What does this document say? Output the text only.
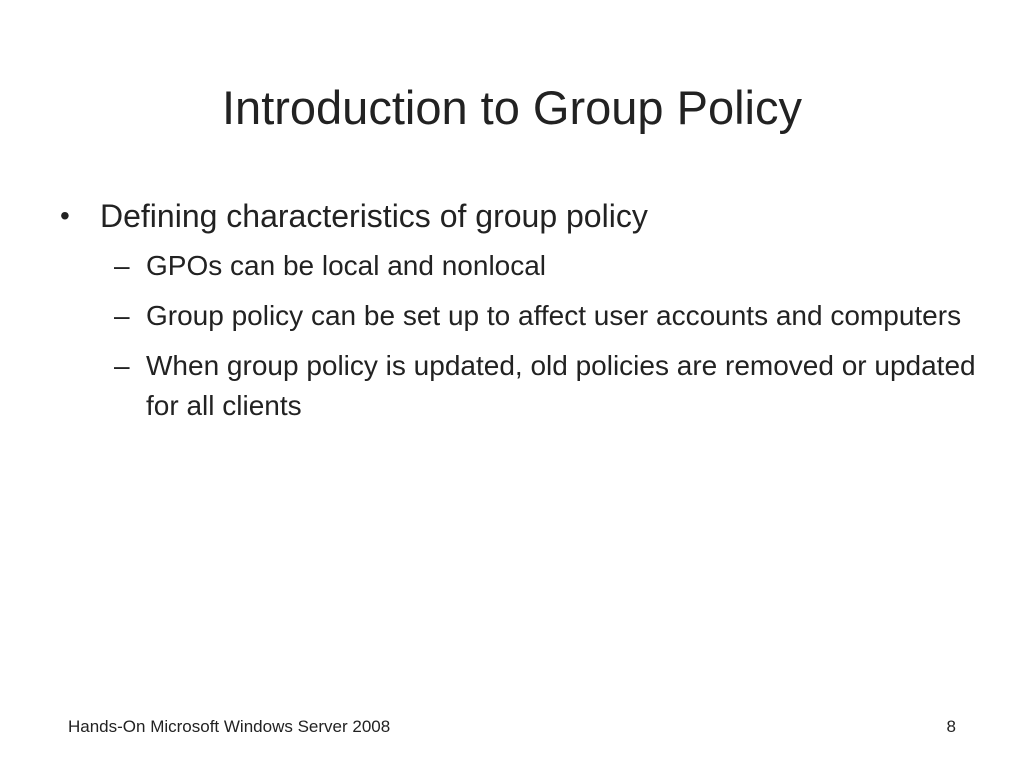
Introduction to Group Policy
• Defining characteristics of group policy
– GPOs can be local and nonlocal
– Group policy can be set up to affect user accounts and computers
– When group policy is updated, old policies are removed or updated for all clients
Hands-On Microsoft Windows Server 2008	8
